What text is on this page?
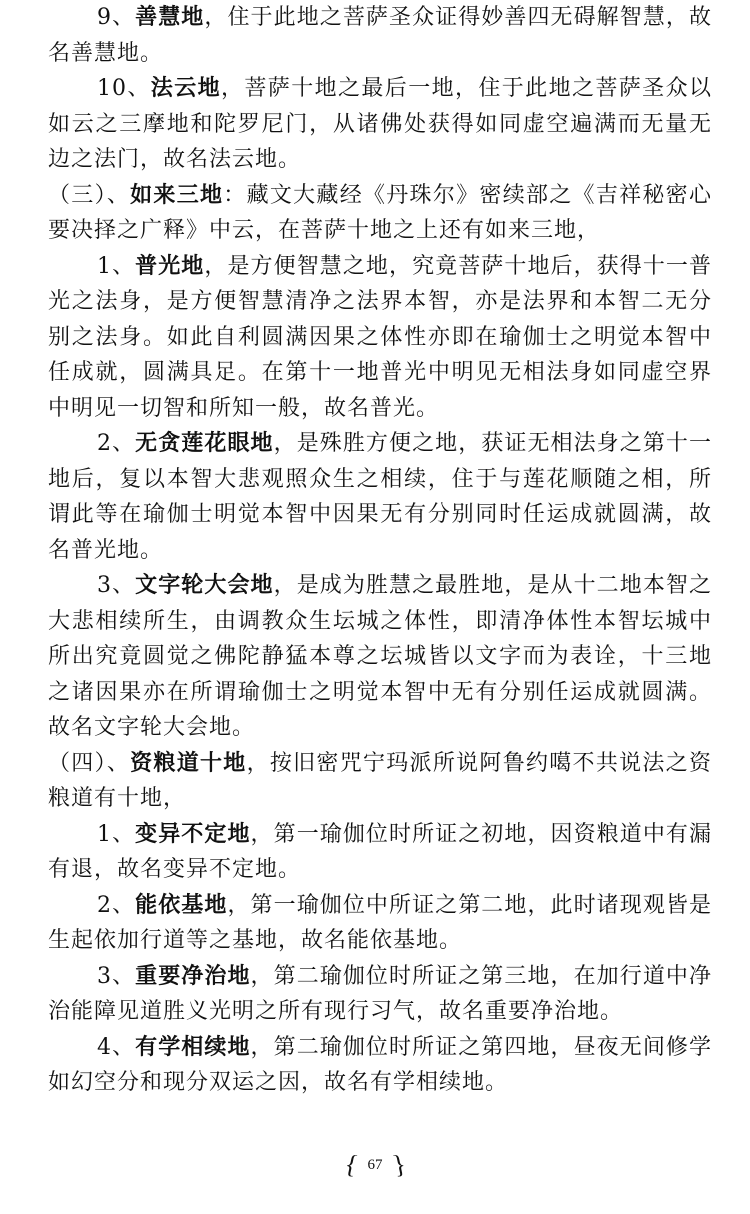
9、善慧地，住于此地之菩萨圣众证得妙善四无碍解智慧，故名善慧地。

10、法云地，菩萨十地之最后一地，住于此地之菩萨圣众以如云之三摩地和陀罗尼门，从诸佛处获得如同虚空遍满而无量无边之法门，故名法云地。

（三）、如来三地：藏文大藏经《丹珠尔》密续部之《吉祥秘密心要决择之广释》中云，在菩萨十地之上还有如来三地，

1、普光地，是方便智慧之地，究竟菩萨十地后，获得十一普光之法身，是方便智慧清净之法界本智，亦是法界和本智二无分别之法身。如此自利圆满因果之体性亦即在瑜伽士之明觉本智中任成就，圆满具足。在第十一地普光中明见无相法身如同虚空界中明见一切智和所知一般，故名普光。

2、无贪莲花眼地，是殊胜方便之地，获证无相法身之第十一地后，复以本智大悲观照众生之相续，住于与莲花顺随之相，所谓此等在瑜伽士明觉本智中因果无有分别同时任运成就圆满，故名普光地。

3、文字轮大会地，是成为胜慧之最胜地，是从十二地本智之大悲相续所生，由调教众生坛城之体性，即清净体性本智坛城中所出究竟圆觉之佛陀静猛本尊之坛城皆以文字而为表诠，十三地之诸因果亦在所谓瑜伽士之明觉本智中无有分别任运成就圆满。故名文字轮大会地。

（四）、资粮道十地，按旧密咒宁玛派所说阿鲁约噶不共说法之资粮道有十地，

1、变异不定地，第一瑜伽位时所证之初地，因资粮道中有漏有退，故名变异不定地。

2、能依基地，第一瑜伽位中所证之第二地，此时诸现观皆是生起依加行道等之基地，故名能依基地。

3、重要净治地，第二瑜伽位时所证之第三地，在加行道中净治能障见道胜义光明之所有现行习气，故名重要净治地。

4、有学相续地，第二瑜伽位时所证之第四地，昼夜无间修学如幻空分和现分双运之因，故名有学相续地。

{ 67 }
